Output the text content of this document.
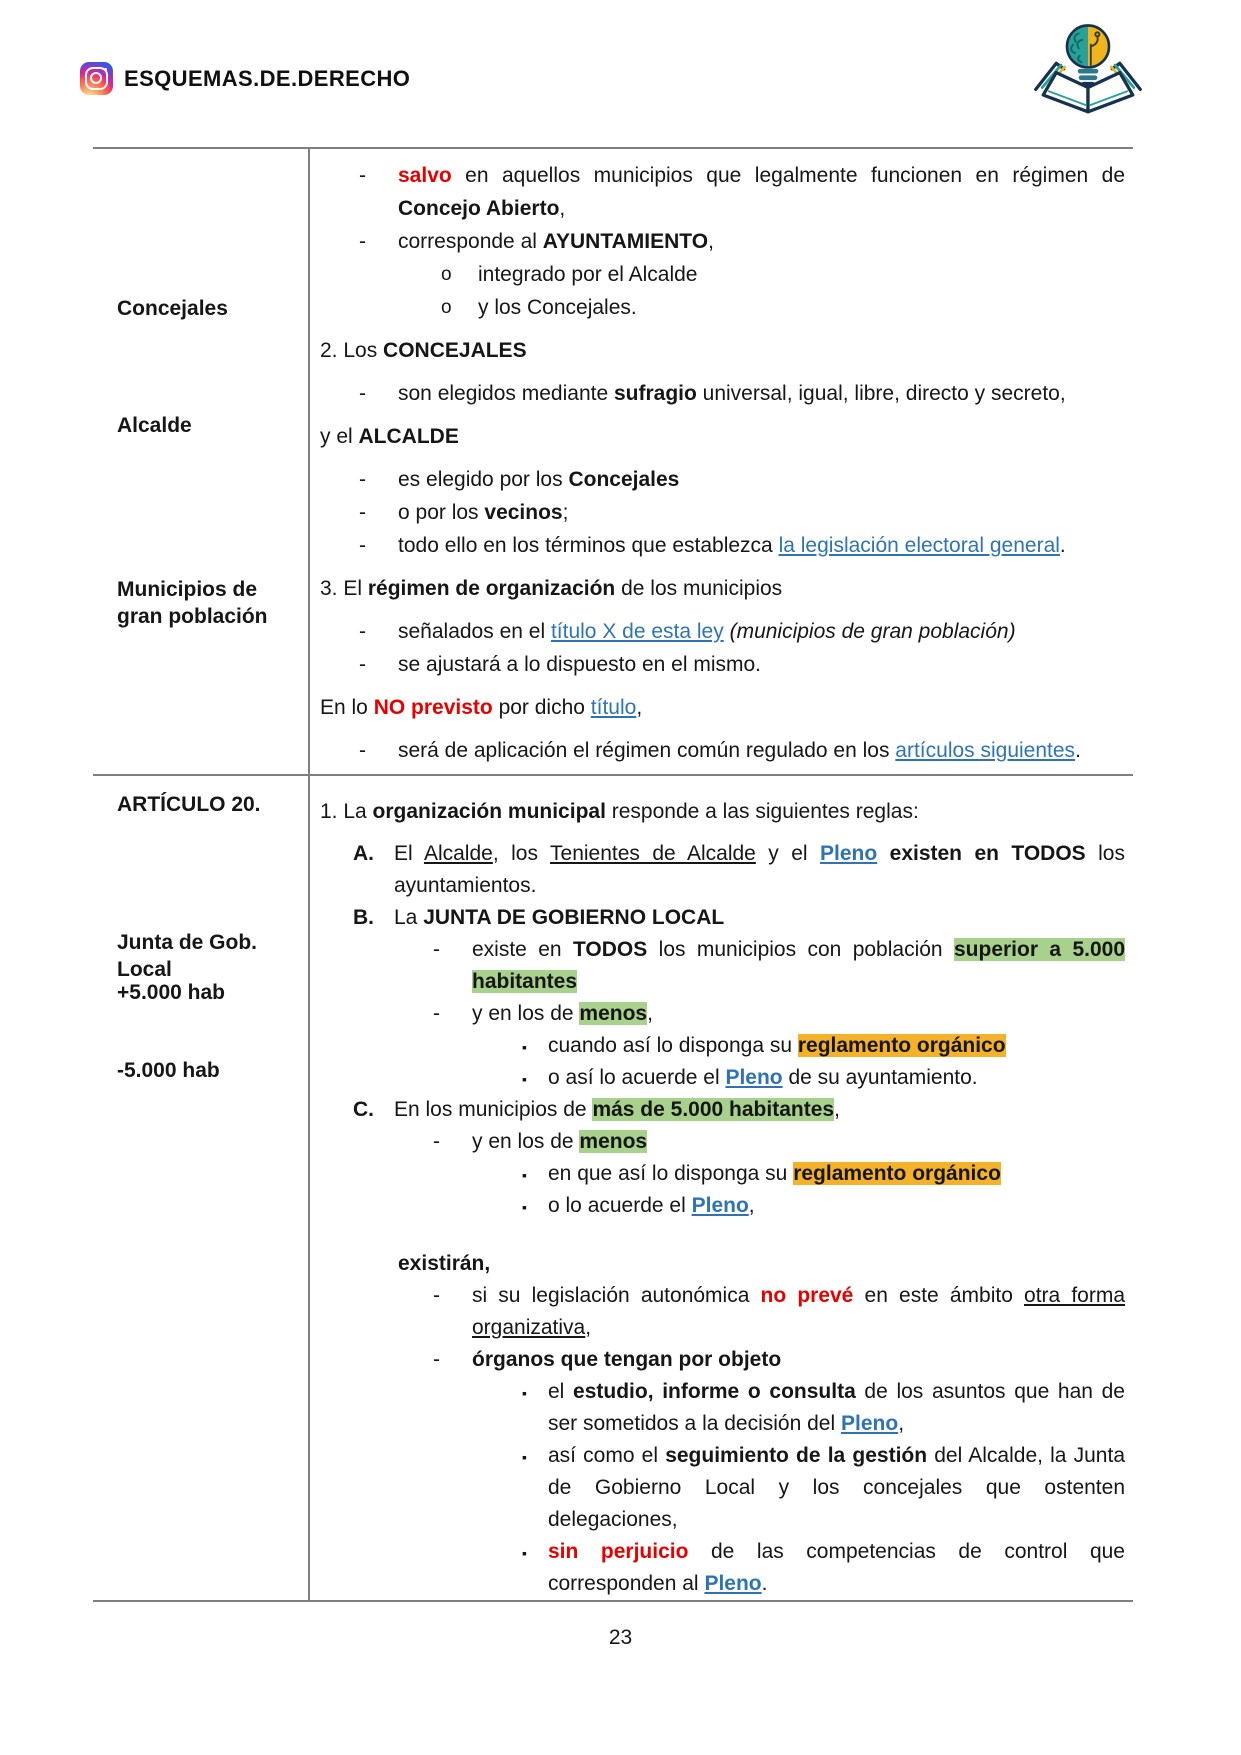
ESQUEMAS.DE.DERECHO
Concejales
Alcalde
Municipios de gran población
- salvo en aquellos municipios que legalmente funcionen en régimen de Concejo Abierto,
- corresponde al AYUNTAMIENTO,
o integrado por el Alcalde
o y los Concejales.
2. Los CONCEJALES
- son elegidos mediante sufragio universal, igual, libre, directo y secreto,
y el ALCALDE
- es elegido por los Concejales
- o por los vecinos;
- todo ello en los términos que establezca la legislación electoral general.
3. El régimen de organización de los municipios
- señalados en el título X de esta ley (municipios de gran población)
- se ajustará a lo dispuesto en el mismo.
En lo NO previsto por dicho título,
- será de aplicación el régimen común regulado en los artículos siguientes.
ARTÍCULO 20.
Junta de Gob. Local
+5.000 hab
-5.000 hab
1. La organización municipal responde a las siguientes reglas:
A. El Alcalde, los Tenientes de Alcalde y el Pleno existen en TODOS los ayuntamientos.
B. La JUNTA DE GOBIERNO LOCAL
- existe en TODOS los municipios con población superior a 5.000 habitantes
- y en los de menos,
▪ cuando así lo disponga su reglamento orgánico
▪ o así lo acuerde el Pleno de su ayuntamiento.
C. En los municipios de más de 5.000 habitantes,
- y en los de menos
▪ en que así lo disponga su reglamento orgánico
▪ o lo acuerde el Pleno,
existirán,
- si su legislación autonómica no prevé en este ámbito otra forma organizativa,
- órganos que tengan por objeto
▪ el estudio, informe o consulta de los asuntos que han de ser sometidos a la decisión del Pleno,
▪ así como el seguimiento de la gestión del Alcalde, la Junta de Gobierno Local y los concejales que ostenten delegaciones,
▪ sin perjuicio de las competencias de control que corresponden al Pleno.
23
